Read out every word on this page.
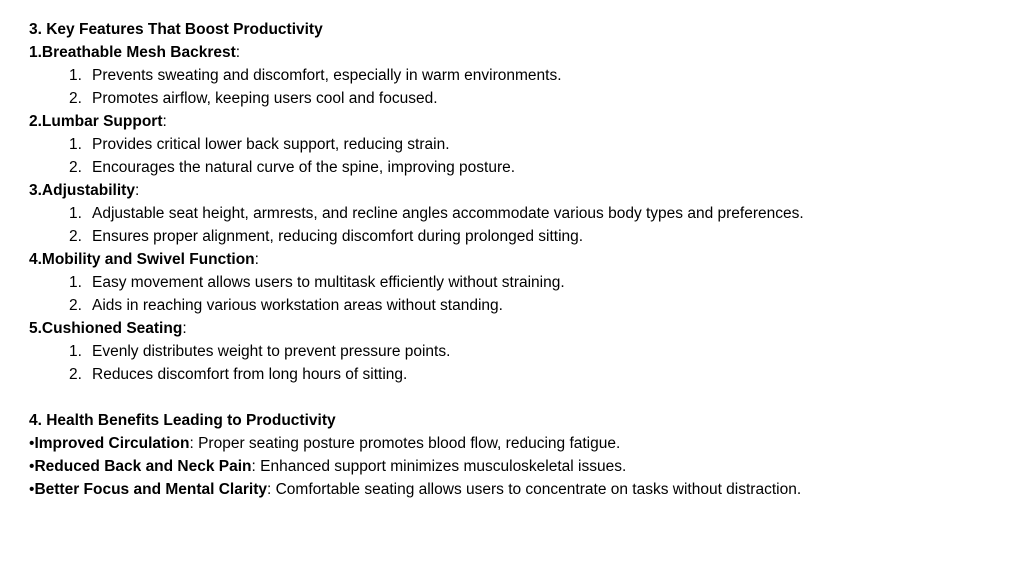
3. Key Features That Boost Productivity
1.Breathable Mesh Backrest:
1. Prevents sweating and discomfort, especially in warm environments.
2. Promotes airflow, keeping users cool and focused.
2.Lumbar Support:
1. Provides critical lower back support, reducing strain.
2. Encourages the natural curve of the spine, improving posture.
3.Adjustability:
1. Adjustable seat height, armrests, and recline angles accommodate various body types and preferences.
2. Ensures proper alignment, reducing discomfort during prolonged sitting.
4.Mobility and Swivel Function:
1. Easy movement allows users to multitask efficiently without straining.
2. Aids in reaching various workstation areas without standing.
5.Cushioned Seating:
1. Evenly distributes weight to prevent pressure points.
2. Reduces discomfort from long hours of sitting.
4. Health Benefits Leading to Productivity
•Improved Circulation: Proper seating posture promotes blood flow, reducing fatigue.
•Reduced Back and Neck Pain: Enhanced support minimizes musculoskeletal issues.
•Better Focus and Mental Clarity: Comfortable seating allows users to concentrate on tasks without distraction.
